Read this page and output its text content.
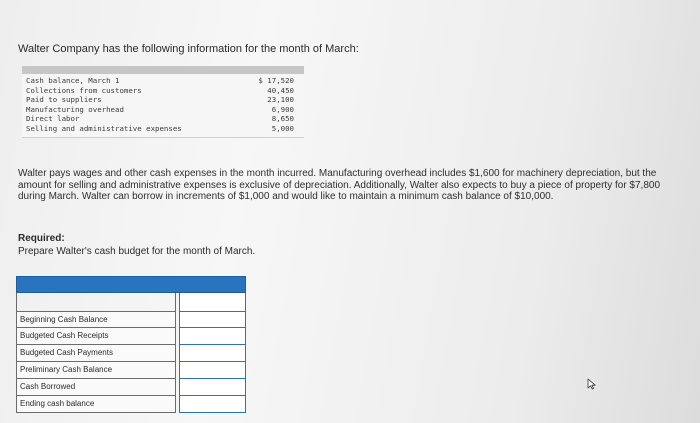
Walter Company has the following information for the month of March:
Cash balance, March 1
Collections from customers
Paid to suppliers
Manufacturing overhead
Direct labor
Selling and administrative expenses
$ 17,520
40,450
23,100
6,900
8,650
5,000
Walter pays wages and other cash expenses in the month incurred. Manufacturing overhead includes $1,600 for machinery depreciation, but the amount for selling and administrative expenses is exclusive of depreciation. Additionally, Walter also expects to buy a piece of property for $7,800 during March. Walter can borrow in increments of $1,000 and would like to maintain a minimum cash balance of $10,000.
Required:
Prepare Walter's cash budget for the month of March.
Beginning Cash Balance
Budgeted Cash Receipts
Budgeted Cash Payments
Preliminary Cash Balance
Cash Borrowed
Ending cash balance
